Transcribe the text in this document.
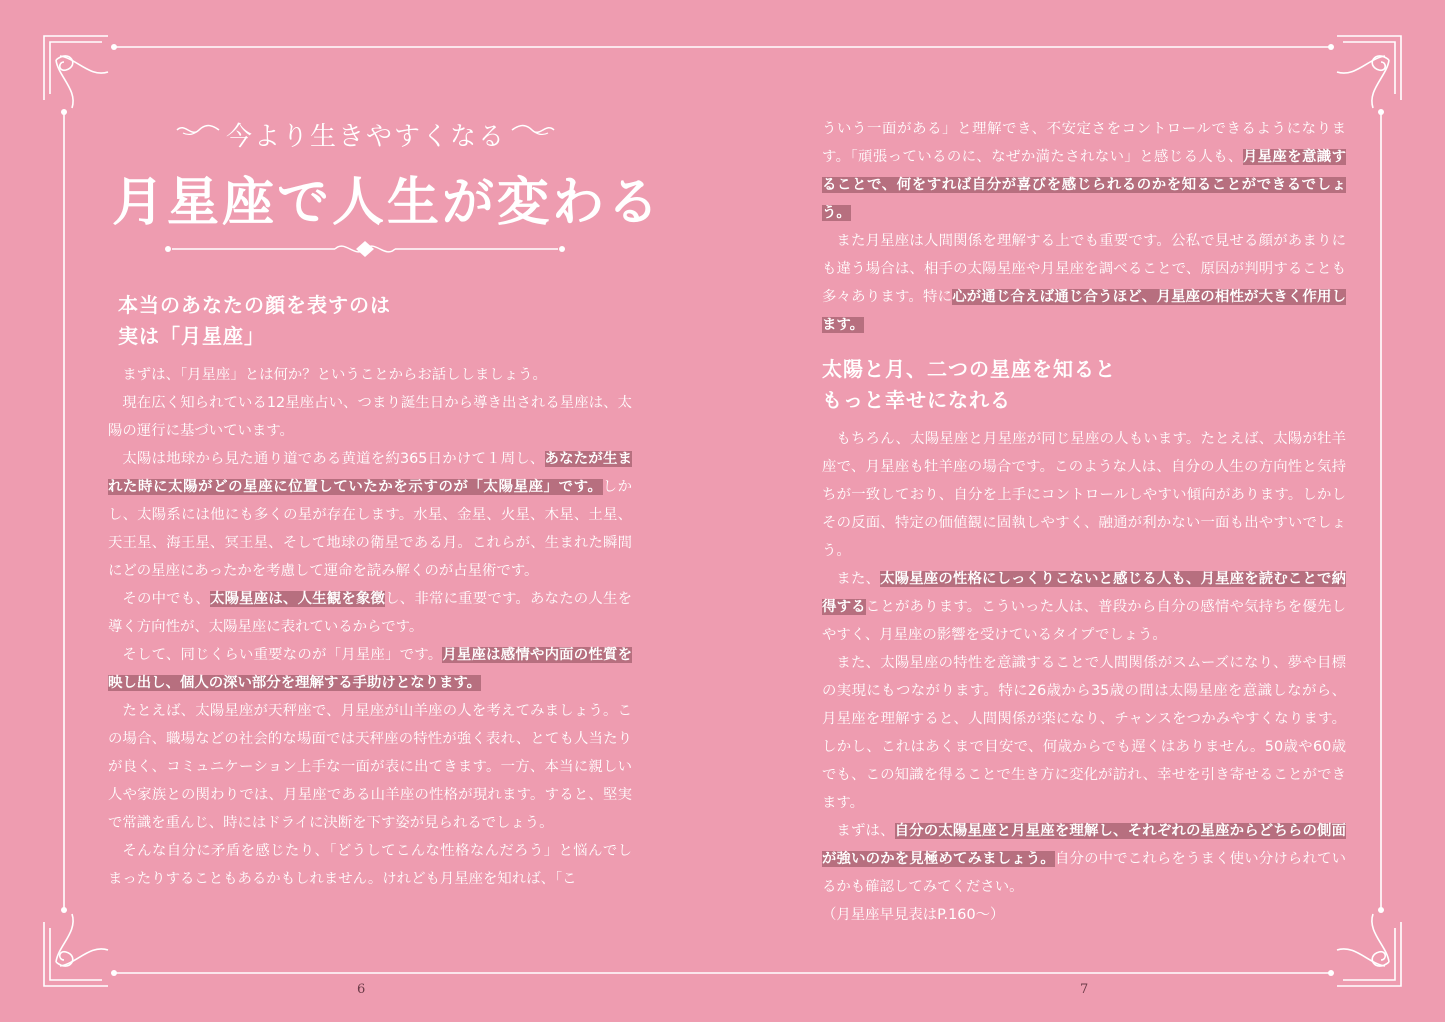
今より生きやすくなる
月星座で人生が変わる
本当のあなたの顔を表すのは
実は「月星座」

まずは、「月星座」とは何か？ということからお話ししましょう。

現在広く知られている12星座占い、つまり誕生日から導き出される星座は、太陽の運行に基づいています。

太陽は地球から見た通り道である黄道を約365日かけて１周し、あなたが生まれた時に太陽がどの星座に位置していたかを示すのが「太陽星座」です。しかし、太陽系には他にも多くの星が存在します。水星、金星、火星、木星、土星、天王星、海王星、冥王星、そして地球の衛星である月。これらが、生まれた瞬間にどの星座にあったかを考慮して運命を読み解くのが占星術です。

その中でも、太陽星座は、人生観を象徴し、非常に重要です。あなたの人生を導く方向性が、太陽星座に表れているからです。

そして、同じくらい重要なのが「月星座」です。月星座は感情や内面の性質を映し出し、個人の深い部分を理解する手助けとなります。

たとえば、太陽星座が天秤座で、月星座が山羊座の人を考えてみましょう。この場合、職場などの社会的な場面では天秤座の特性が強く表れ、とても人当たりが良く、コミュニケーション上手な一面が表に出てきます。一方、本当に親しい人や家族との関わりでは、月星座である山羊座の性格が現れます。すると、堅実で常識を重んじ、時にはドライに決断を下す姿が見られるでしょう。

そんな自分に矛盾を感じたり、「どうしてこんな性格なんだろう」と悩んでしまったりすることもあるかもしれません。けれども月星座を知れば、「こ

6

ういう一面がある」と理解でき、不安定さをコントロールできるようになります。「頑張っているのに、なぜか満たされない」と感じる人も、月星座を意識することで、何をすれば自分が喜びを感じられるのかを知ることができるでしょう。

また月星座は人間関係を理解する上でも重要です。公私で見せる顔があまりにも違う場合は、相手の太陽星座や月星座を調べることで、原因が判明することも多々あります。特に心が通じ合えば通じ合うほど、月星座の相性が大きく作用します。

太陽と月、二つの星座を知ると
もっと幸せになれる

もちろん、太陽星座と月星座が同じ星座の人もいます。たとえば、太陽が牡羊座で、月星座も牡羊座の場合です。このような人は、自分の人生の方向性と気持ちが一致しており、自分を上手にコントロールしやすい傾向があります。しかしその反面、特定の価値観に固執しやすく、融通が利かない一面も出やすいでしょう。

また、太陽星座の性格にしっくりこないと感じる人も、月星座を読むことで納得することがあります。こういった人は、普段から自分の感情や気持ちを優先しやすく、月星座の影響を受けているタイプでしょう。

また、太陽星座の特性を意識することで人間関係がスムーズになり、夢や目標の実現にもつながります。特に26歳から35歳の間は太陽星座を意識しながら、月星座を理解すると、人間関係が楽になり、チャンスをつかみやすくなります。しかし、これはあくまで目安で、何歳からでも遅くはありません。50歳や60歳でも、この知識を得ることで生き方に変化が訪れ、幸せを引き寄せることができます。

まずは、自分の太陽星座と月星座を理解し、それぞれの星座からどちらの側面が強いのかを見極めてみましょう。自分の中でこれらをうまく使い分けられているかも確認してみてください。

（月星座早見表はP.160～）

7
